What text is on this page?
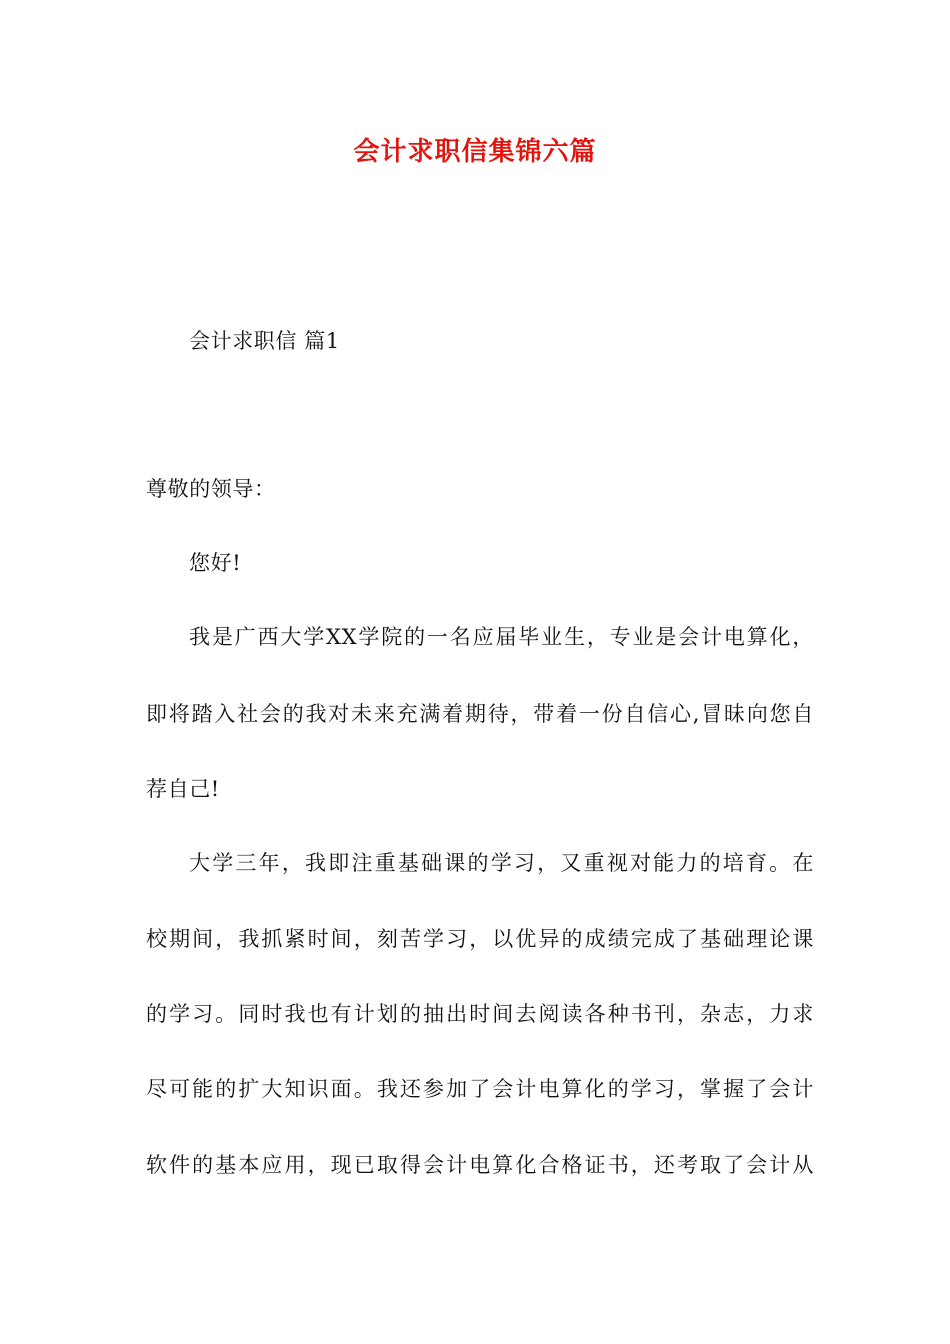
会计求职信集锦六篇
会计求职信 篇1
尊敬的领导：
您好!
我是广西大学XX学院的一名应届毕业生，专业是会计电算化，
即将踏入社会的我对未来充满着期待，带着一份自信心,冒昧向您自
荐自己!
大学三年，我即注重基础课的学习，又重视对能力的培育。在
校期间，我抓紧时间，刻苦学习，以优异的成绩完成了基础理论课
的学习。同时我也有计划的抽出时间去阅读各种书刊，杂志，力求
尽可能的扩大知识面。我还参加了会计电算化的学习，掌握了会计
软件的基本应用，现已取得会计电算化合格证书，还考取了会计从
